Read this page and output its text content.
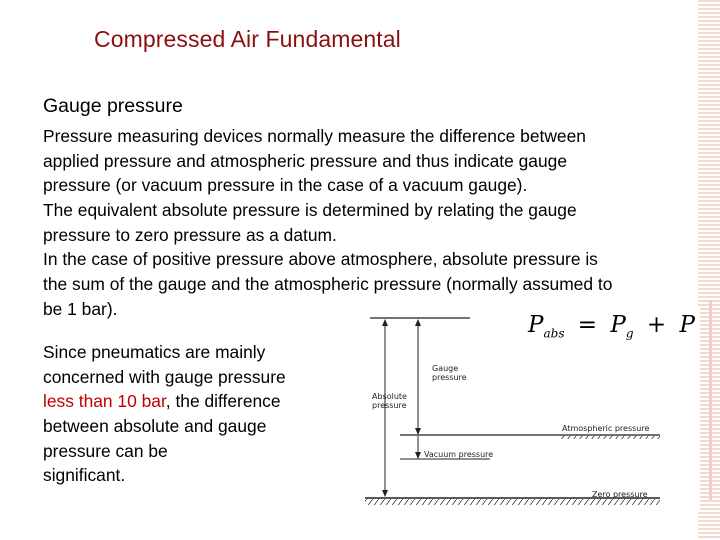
Compressed Air Fundamental
Gauge pressure
Pressure measuring devices normally measure the difference between
applied pressure and atmospheric pressure and thus indicate gauge
pressure (or vacuum pressure in the case of a vacuum gauge).
The equivalent absolute pressure is determined by relating the gauge
pressure to zero pressure as a datum.
In the case of positive pressure above atmosphere, absolute pressure is
the sum of the gauge and the atmospheric pressure (normally assumed to
be 1 bar).
Since pneumatics are mainly
concerned with gauge pressure
less than 10 bar, the difference
between absolute and gauge
pressure can be
significant.
Gauge
pressure
Absolute
pressure
Atmospheric pressure
Vacuum pressure
Zero pressure
$P_{abs} = P_g + P$
